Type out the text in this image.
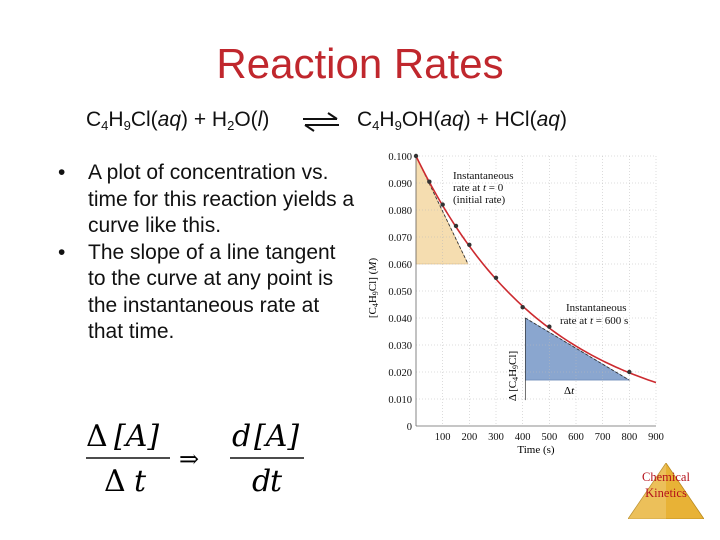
Reaction Rates
$C_4H_9Cl(aq) + H_2O(l)$ ⇌ $C_4H_9OH(aq) + HCl(aq)$
• A plot of concentration vs. time for this reaction yields a curve like this.
• The slope of a line tangent to the curve at any point is the instantaneous rate at that time.
0
0.010
0.020
0.030
0.040
0.050
0.060
0.070
0.080
0.090
0.100
100 200 300 400 500 600 700 800 900
Time (s)
[C4H9Cl] (M)
Instantaneous
rate at t = 0
(initial rate)
Instantaneous
rate at t = 600 s
Δ [C4H9Cl]
Δt
Δ [A]
Δ t
⇒
d [A]
d
t	Chemical
Kinetics
